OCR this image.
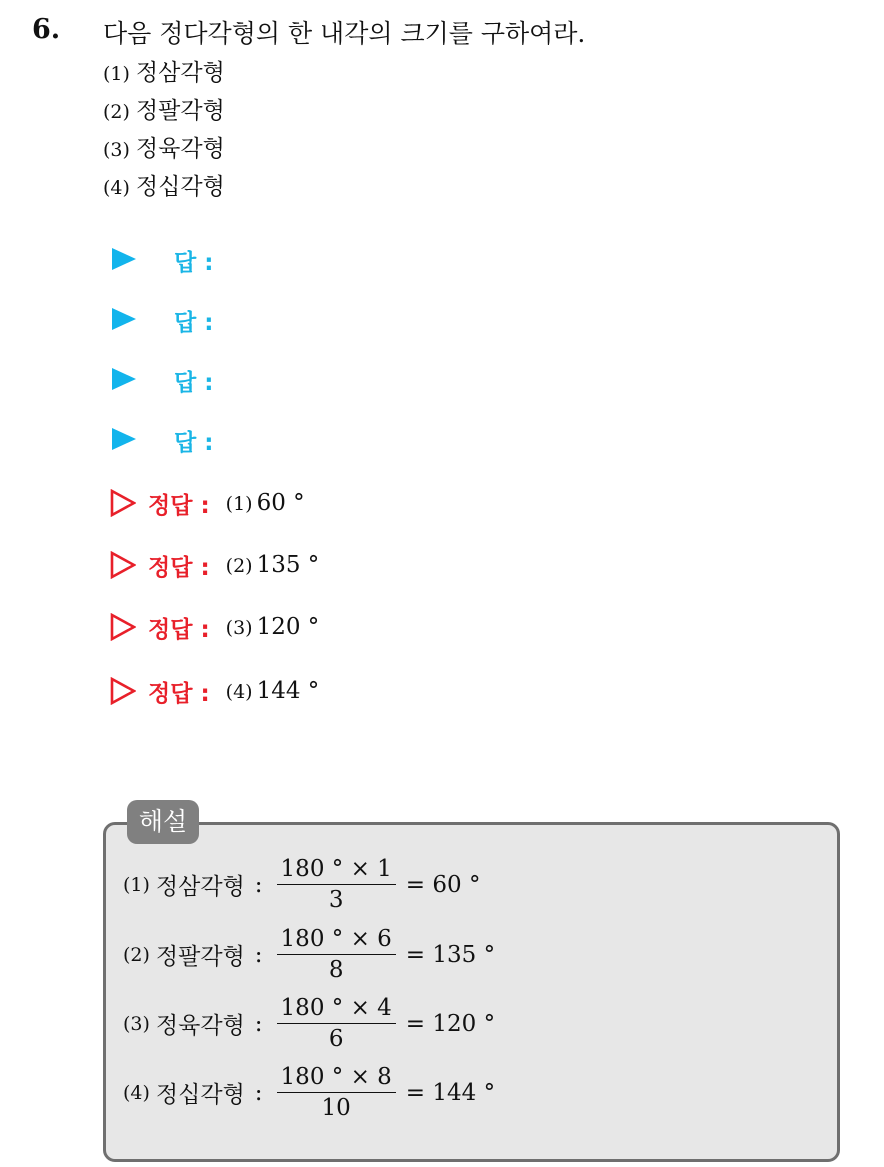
6. 다음 정다각형의 한 내각의 크기를 구하여라.
(1) 정삼각형
(2) 정팔각형
(3) 정육각형
(4) 정십각형
답 :
답 :
답 :
답 :
정답 : (1) 60 °
정답 : (2) 135 °
정답 : (3) 120 °
정답 : (4) 144 °
해설
(1) 정삼각형 : $\frac{180 ^\circ \times 1}{3} = 60$ °
(2) 정팔각형 : $\frac{180 ^\circ \times 6}{8} = 135$ °
(3) 정육각형 : $\frac{180 ^\circ \times 4}{6} = 120$ °
(4) 정십각형 : $\frac{180 ^\circ \times 8}{10} = 144$ °
